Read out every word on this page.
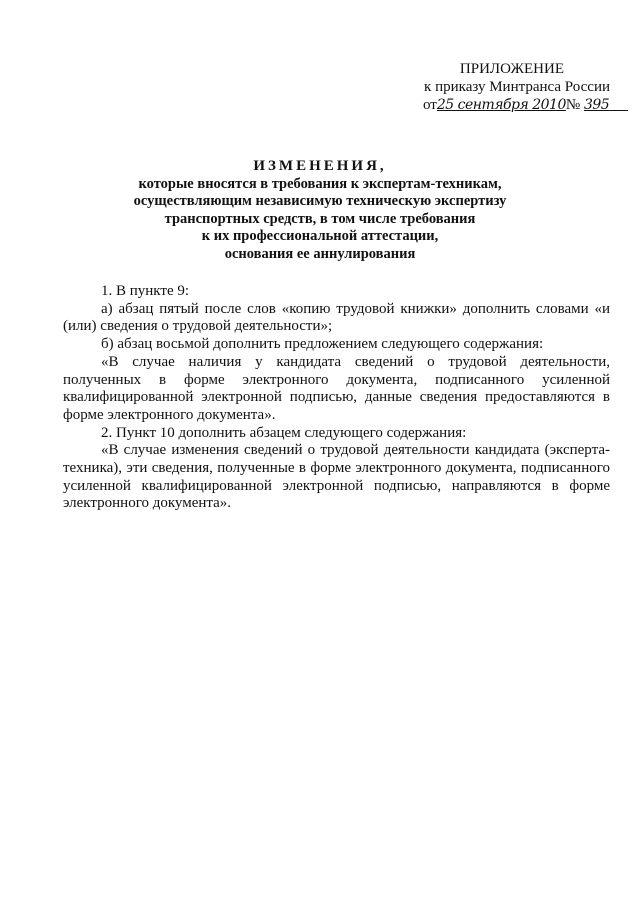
ПРИЛОЖЕНИЕ
к приказу Минтранса России
от25 сентября 2010№ 395
ИЗМЕНЕНИЯ,
которые вносятся в требования к экспертам-техникам,
осуществляющим независимую техническую экспертизу
транспортных средств, в том числе требования
к их профессиональной аттестации,
основания ее аннулирования

1. В пункте 9:

а) абзац пятый после слов «копию трудовой книжки» дополнить словами «и (или) сведения о трудовой деятельности»;

б) абзац восьмой дополнить предложением следующего содержания:

«В случае наличия у кандидата сведений о трудовой деятельности, полученных в форме электронного документа, подписанного усиленной квалифицированной электронной подписью, данные сведения предоставляются в форме электронного документа».

2. Пункт 10 дополнить абзацем следующего содержания:

«В случае изменения сведений о трудовой деятельности кандидата (эксперта-техника), эти сведения, полученные в форме электронного документа, подписанного усиленной квалифицированной электронной подписью, направляются в форме электронного документа».
